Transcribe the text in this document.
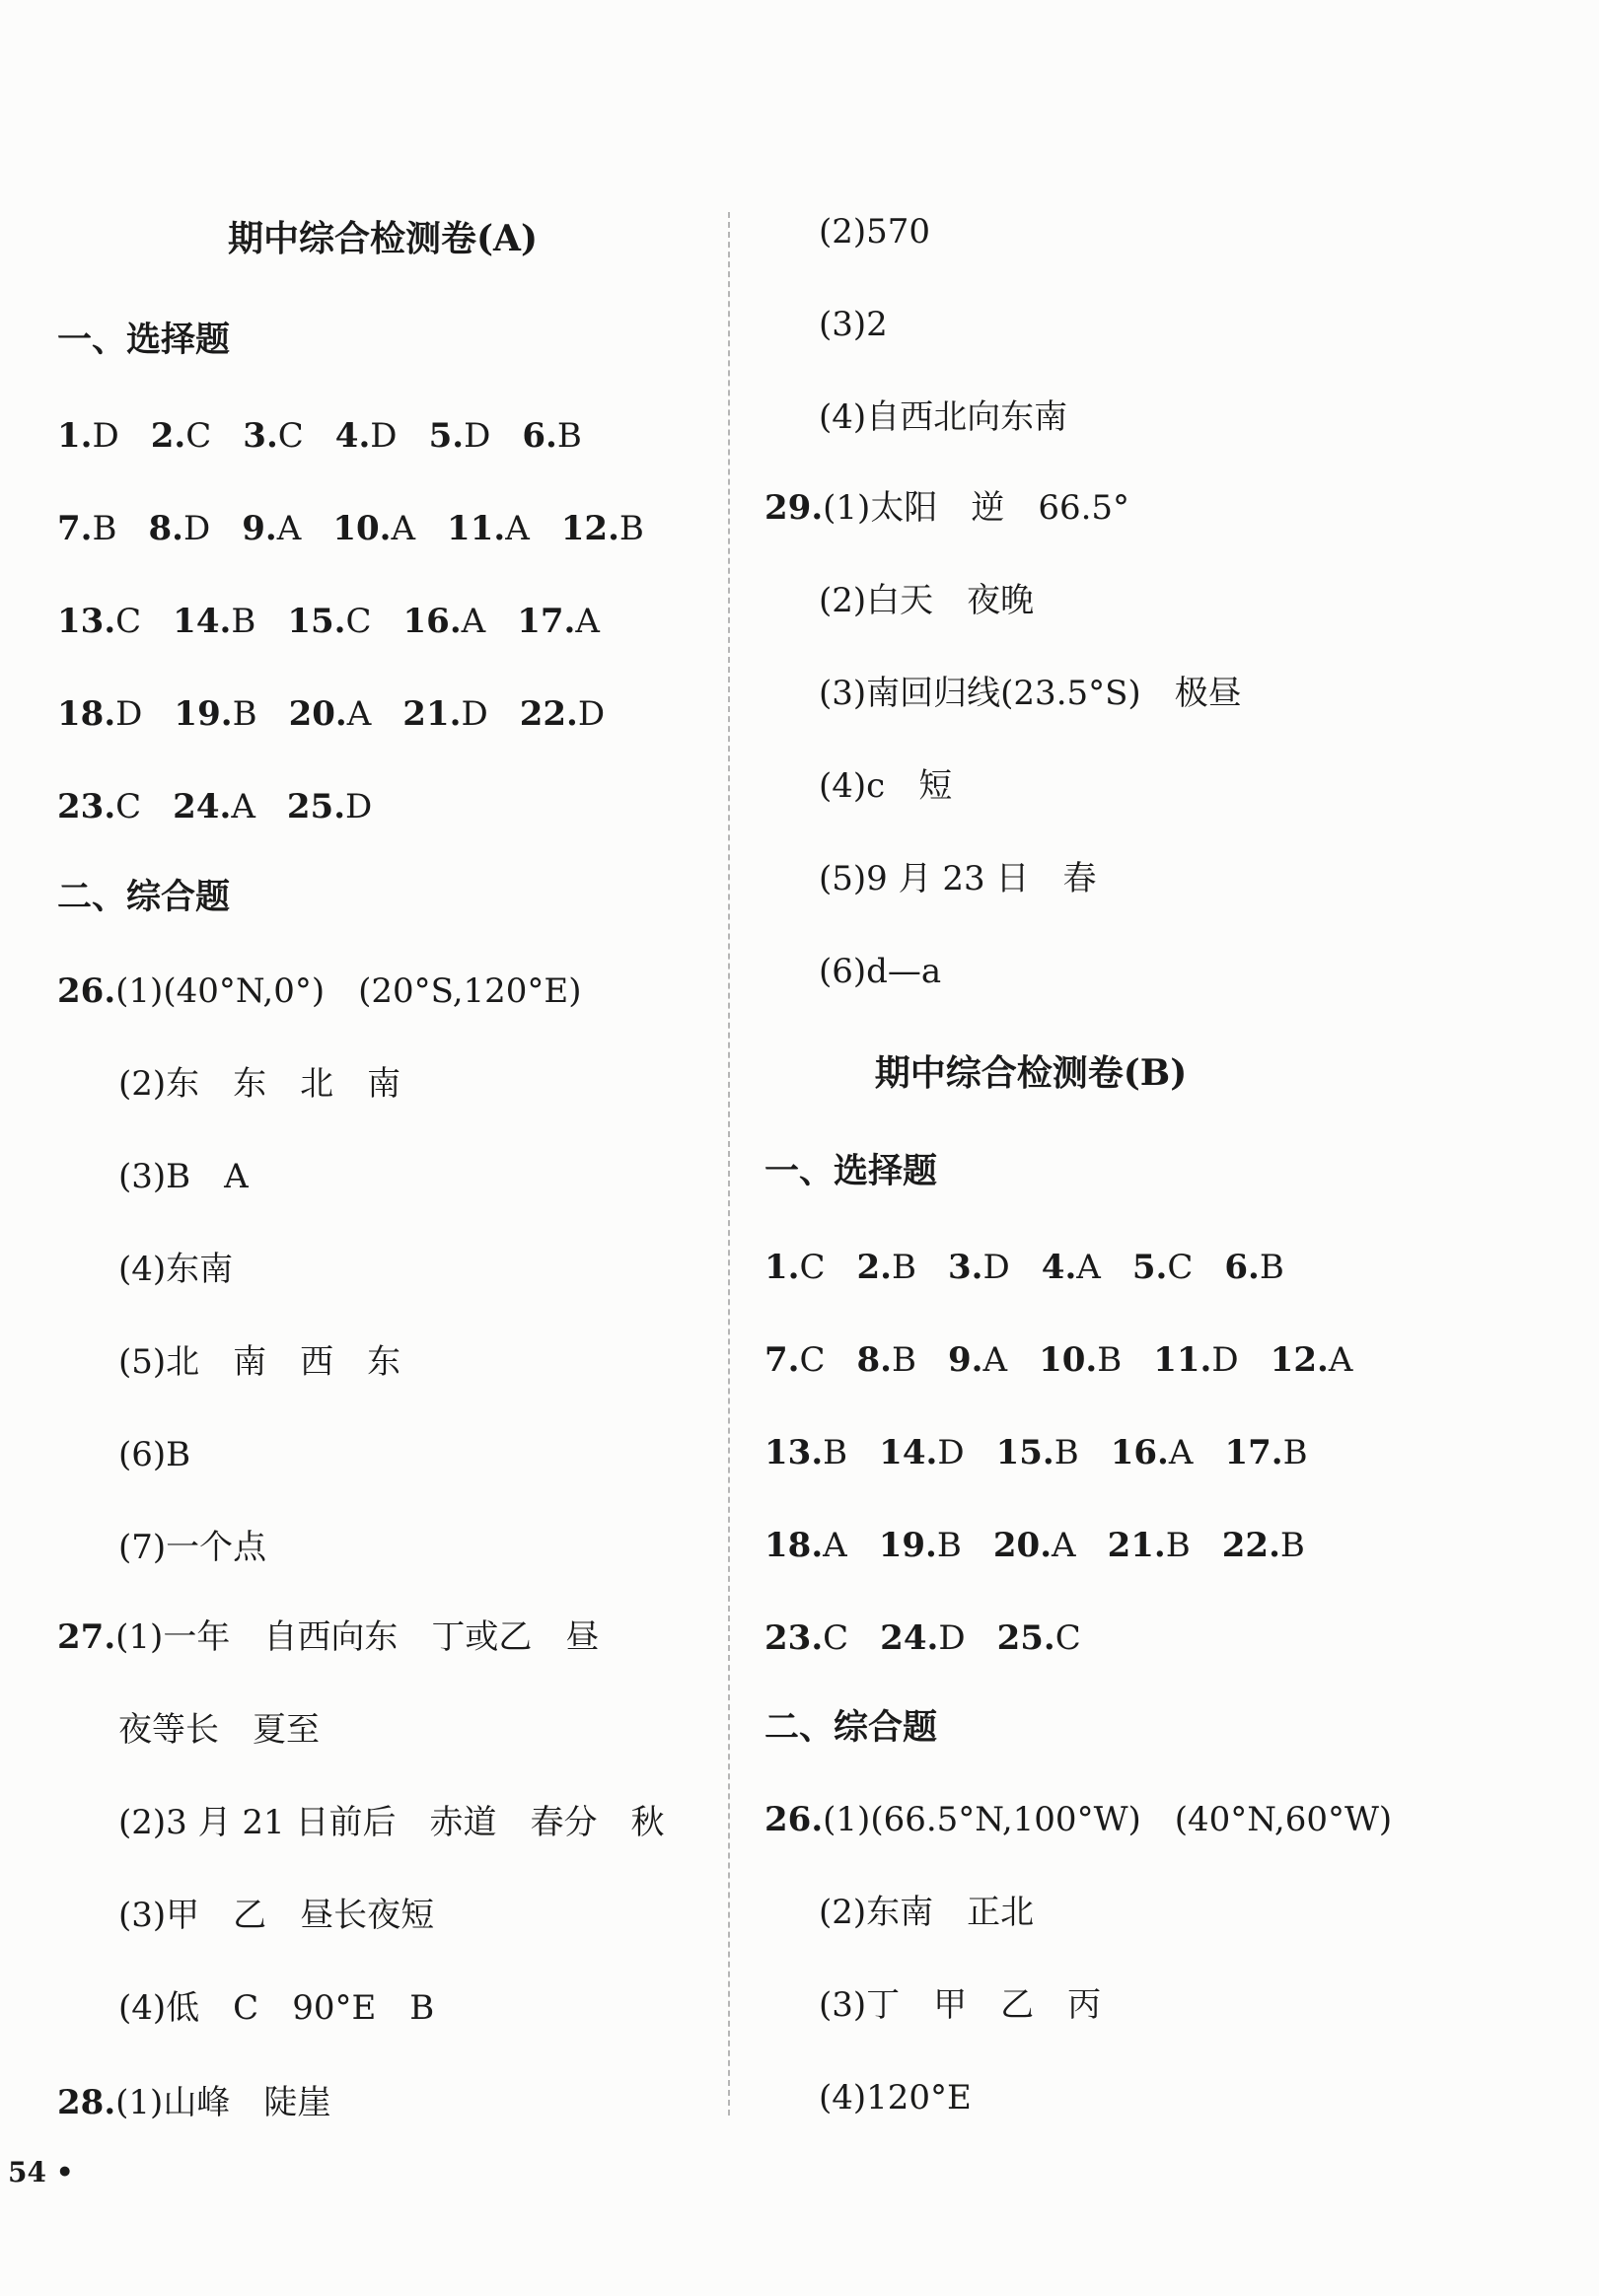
期中综合检测卷(A)
一、选择题
1.D 2.C 3.C 4.D 5.D 6.B
7.B 8.D 9.A 10.A 11.A 12.B
13.C 14.B 15.C 16.A 17.A
18.D 19.B 20.A 21.D 22.D
23.C 24.A 25.D
二、综合题
26.(1)(40°N,0°) (20°S,120°E)
(2)东 东 北 南
(3)B A
(4)东南
(5)北 南 西 东
(6)B
(7)一个点
27.(1)一年 自西向东 丁或乙 昼
夜等长 夏至
(2)3 月 21 日前后 赤道 春分 秋
(3)甲 乙 昼长夜短
(4)低 C 90°E B
28.(1)山峰 陡崖
(2)570
(3)2
(4)自西北向东南
29.(1)太阳 逆 66.5°
(2)白天 夜晚
(3)南回归线(23.5°S) 极昼
(4)c 短
(5)9 月 23 日 春
(6)d—a
期中综合检测卷(B)
一、选择题
1.C 2.B 3.D 4.A 5.C 6.B
7.C 8.B 9.A 10.B 11.D 12.A
13.B 14.D 15.B 16.A 17.B
18.A 19.B 20.A 21.B 22.B
23.C 24.D 25.C
二、综合题
26.(1)(66.5°N,100°W) (40°N,60°W)
(2)东南 正北
(3)丁 甲 乙 丙
(4)120°E
54 •
